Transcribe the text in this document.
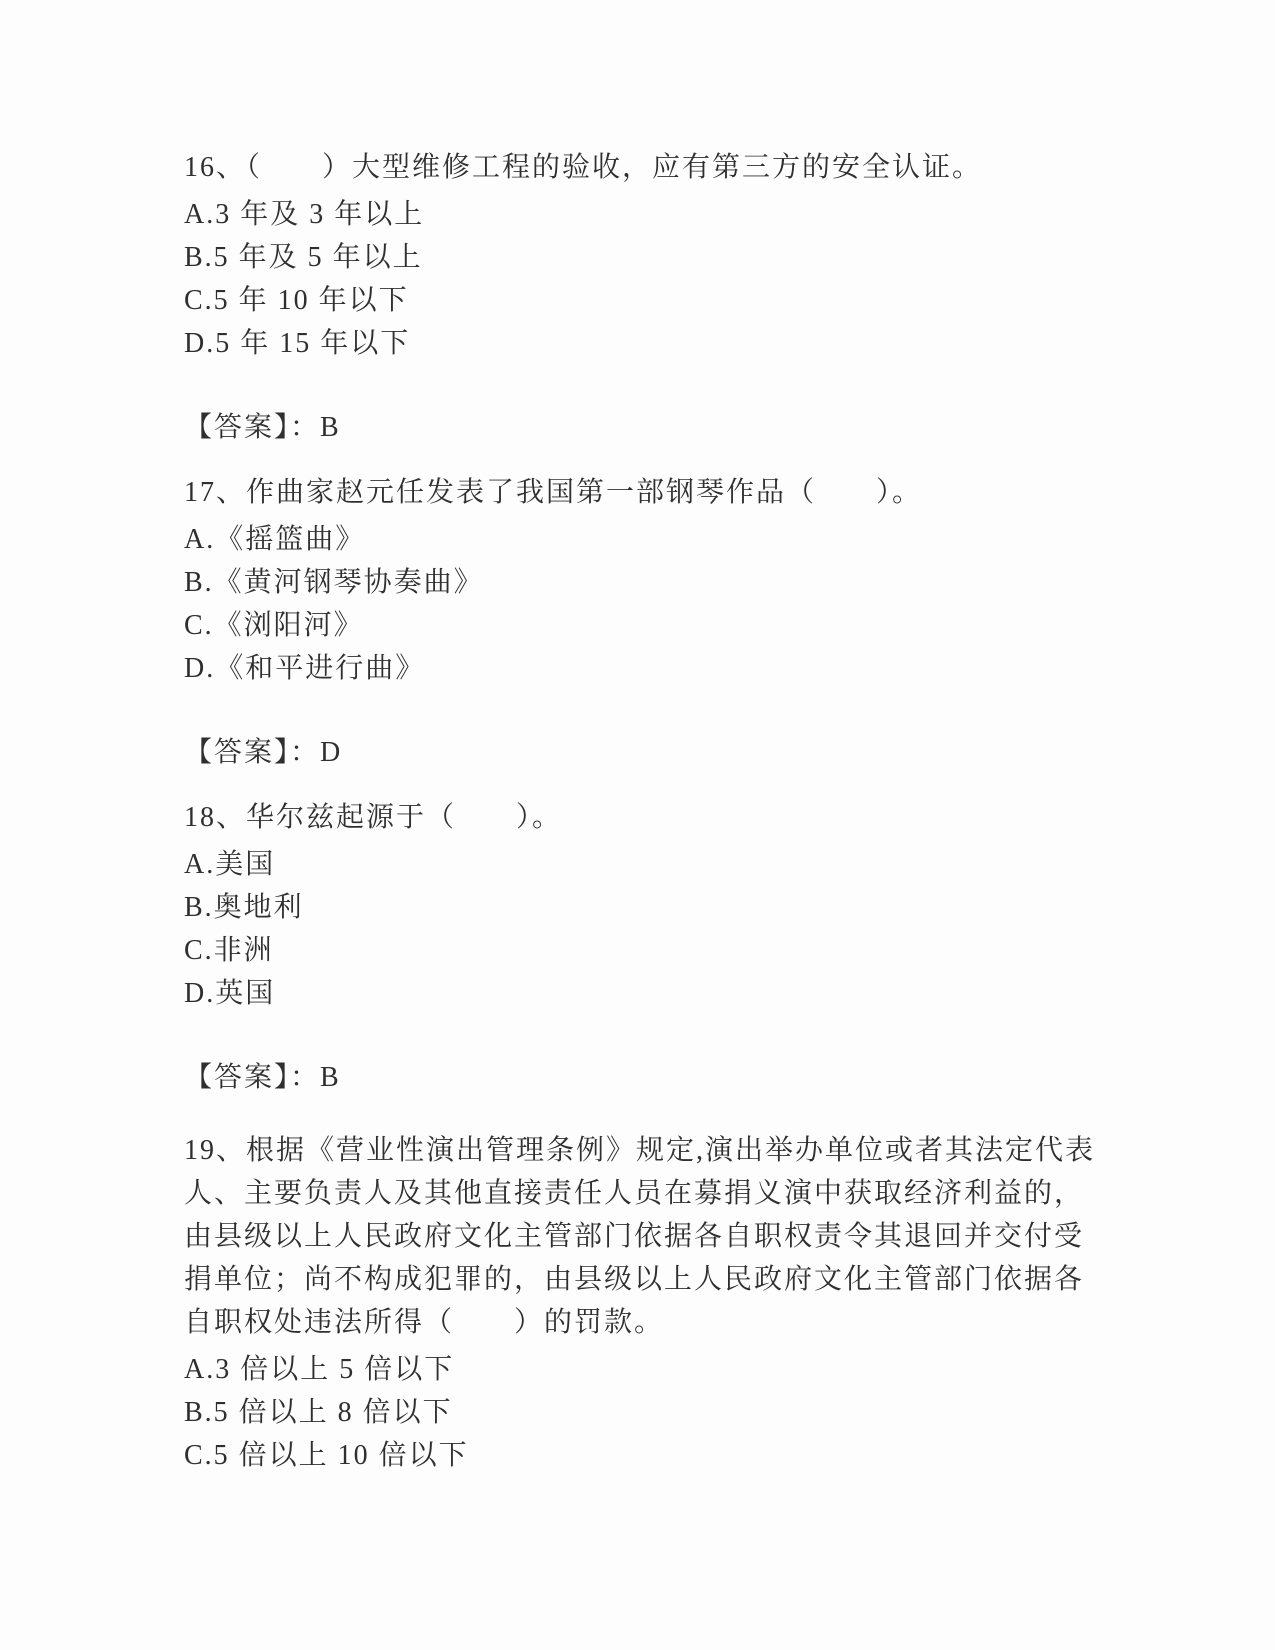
16、（　　）大型维修工程的验收，应有第三方的安全认证。
A.3 年及 3 年以上
B.5 年及 5 年以上
C.5 年 10 年以下
D.5 年 15 年以下
【答案】：B
17、作曲家赵元任发表了我国第一部钢琴作品（　　）。
A.《摇篮曲》
B.《黄河钢琴协奏曲》
C.《浏阳河》
D.《和平进行曲》
【答案】：D
18、华尔兹起源于（　　）。
A.美国
B.奥地利
C.非洲
D.英国
【答案】：B
19、根据《营业性演出管理条例》规定,演出举办单位或者其法定代表
人、主要负责人及其他直接责任人员在募捐义演中获取经济利益的，
由县级以上人民政府文化主管部门依据各自职权责令其退回并交付受
捐单位；尚不构成犯罪的，由县级以上人民政府文化主管部门依据各
自职权处违法所得（　　）的罚款。
A.3 倍以上 5 倍以下
B.5 倍以上 8 倍以下
C.5 倍以上 10 倍以下
